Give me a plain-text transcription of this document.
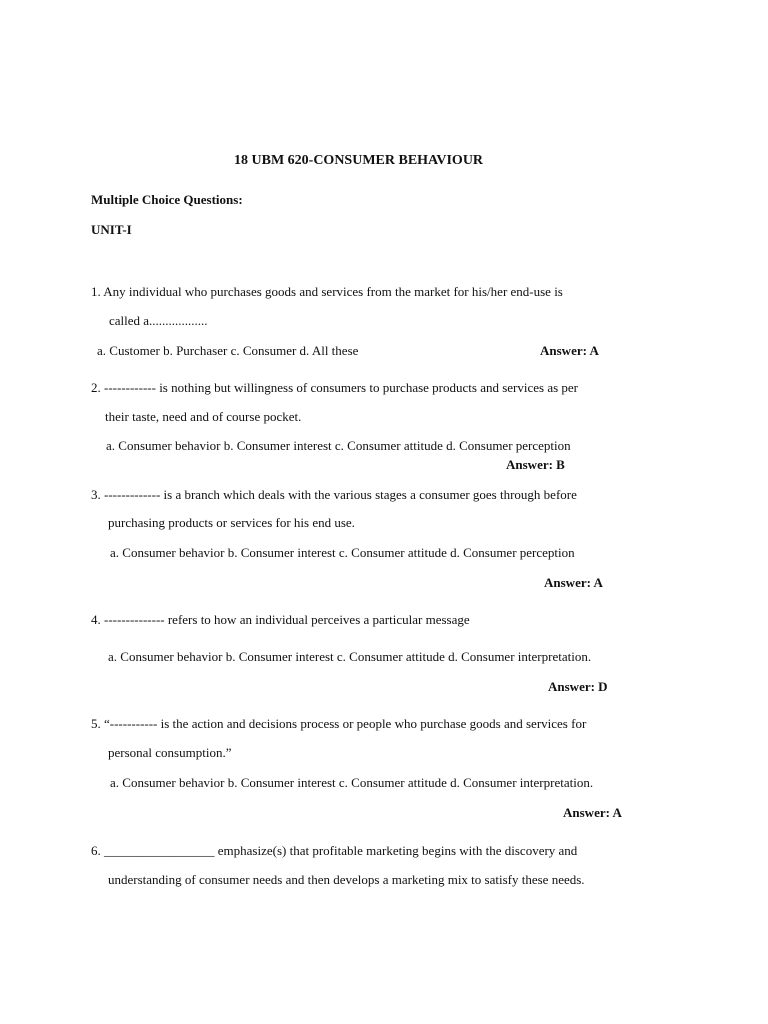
18 UBM 620-CONSUMER BEHAVIOUR
Multiple Choice Questions:
UNIT-I
1. Any individual who purchases goods and services from the market for his/her end-use is
called a..................
a. Customer b. Purchaser c. Consumer d. All these	Answer: A
2. ------------ is nothing but willingness of consumers to purchase products and services as per
their taste, need and of course pocket.
a. Consumer behavior b. Consumer interest c. Consumer attitude d. Consumer perception
Answer: B
3. ------------- is a branch which deals with the various stages a consumer goes through before
purchasing products or services for his end use.
a. Consumer behavior b. Consumer interest c. Consumer attitude d. Consumer perception
Answer: A
4. -------------- refers to how an individual perceives a particular message
a. Consumer behavior b. Consumer interest c. Consumer attitude d. Consumer interpretation.
Answer: D
5. “----------- is the action and decisions process or people who purchase goods and services for
personal consumption.”
a. Consumer behavior b. Consumer interest c. Consumer attitude d. Consumer interpretation.
Answer: A
6. _________________ emphasize(s) that profitable marketing begins with the discovery and
understanding of consumer needs and then develops a marketing mix to satisfy these needs.
